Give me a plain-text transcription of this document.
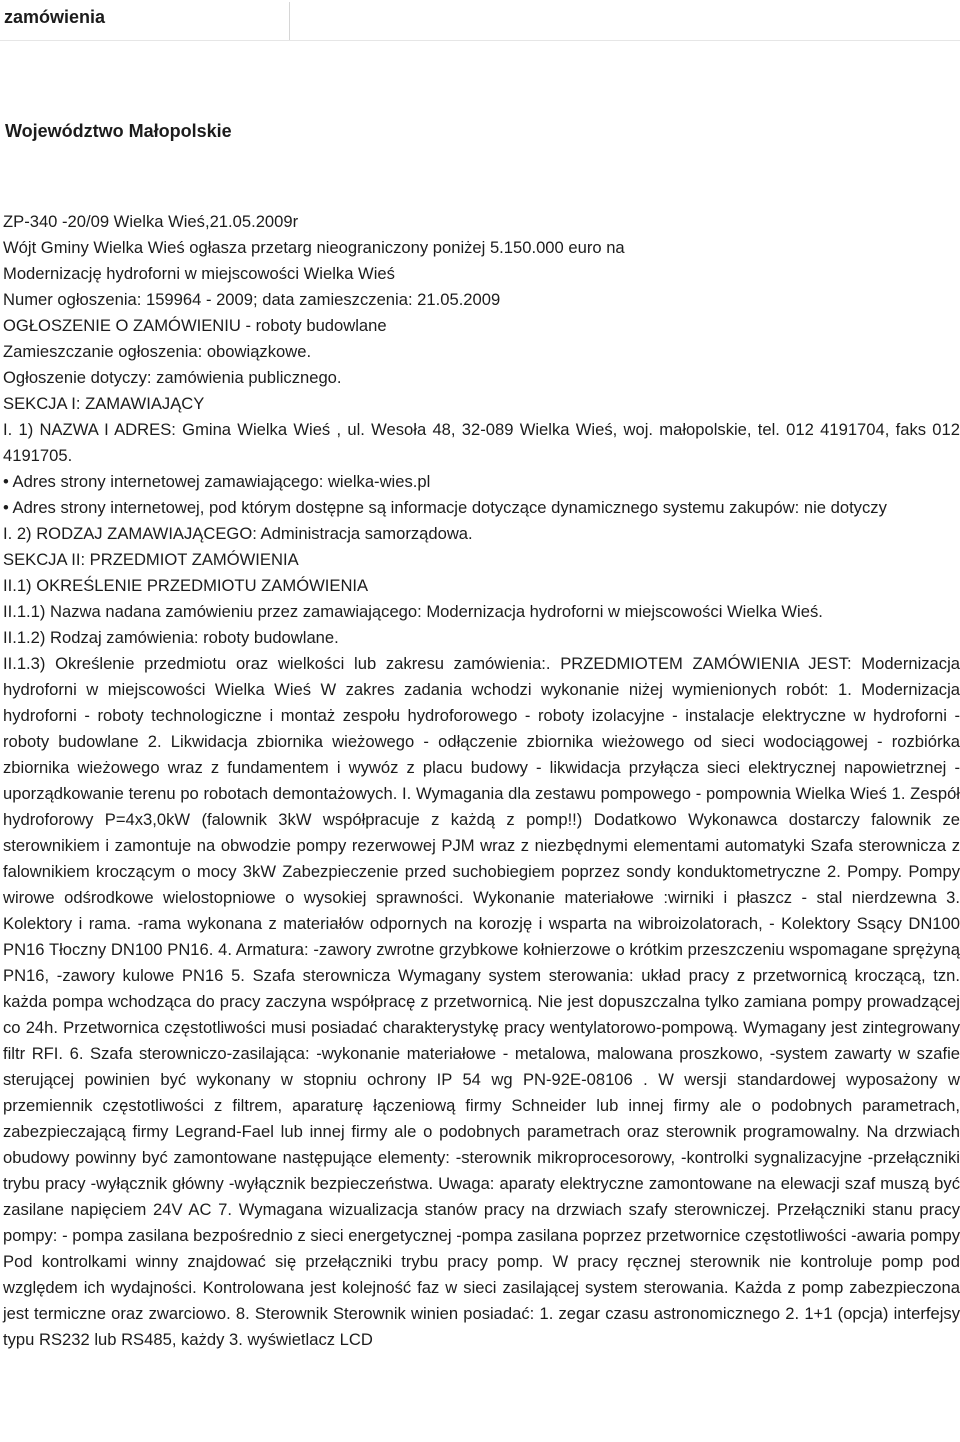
zamówienia
Województwo Małopolskie
ZP-340 -20/09 Wielka Wieś,21.05.2009r
Wójt Gminy Wielka Wieś ogłasza przetarg nieograniczony poniżej 5.150.000 euro na
Modernizację hydroforni w miejscowości Wielka Wieś
Numer ogłoszenia: 159964 - 2009; data zamieszczenia: 21.05.2009
OGŁOSZENIE O ZAMÓWIENIU - roboty budowlane
Zamieszczanie ogłoszenia: obowiązkowe.
Ogłoszenie dotyczy: zamówienia publicznego.
SEKCJA I: ZAMAWIAJĄCY
I. 1) NAZWA I ADRES: Gmina Wielka Wieś , ul. Wesoła 48, 32-089 Wielka Wieś, woj. małopolskie, tel. 012 4191704, faks 012 4191705.
• Adres strony internetowej zamawiającego: wielka-wies.pl
• Adres strony internetowej, pod którym dostępne są informacje dotyczące dynamicznego systemu zakupów: nie dotyczy
I. 2) RODZAJ ZAMAWIAJĄCEGO: Administracja samorządowa.
SEKCJA II: PRZEDMIOT ZAMÓWIENIA
II.1) OKREŚLENIE PRZEDMIOTU ZAMÓWIENIA
II.1.1) Nazwa nadana zamówieniu przez zamawiającego: Modernizacja hydroforni w miejscowości Wielka Wieś.
II.1.2) Rodzaj zamówienia: roboty budowlane.
II.1.3) Określenie przedmiotu oraz wielkości lub zakresu zamówienia:. PRZEDMIOTEM ZAMÓWIENIA JEST: Modernizacja hydroforni w miejscowości Wielka Wieś W zakres zadania wchodzi wykonanie niżej wymienionych robót: 1. Modernizacja hydroforni - roboty technologiczne i montaż zespołu hydroforowego - roboty izolacyjne - instalacje elektryczne w hydroforni - roboty budowlane 2. Likwidacja zbiornika wieżowego - odłączenie zbiornika wieżowego od sieci wodociągowej - rozbiórka zbiornika wieżowego wraz z fundamentem i wywóz z placu budowy - likwidacja przyłącza sieci elektrycznej napowietrznej - uporządkowanie terenu po robotach demontażowych. I. Wymagania dla zestawu pompowego - pompownia Wielka Wieś 1. Zespół hydroforowy P=4x3,0kW (falownik 3kW współpracuje z każdą z pomp!!) Dodatkowo Wykonawca dostarczy falownik ze sterownikiem i zamontuje na obwodzie pompy rezerwowej PJM wraz z niezbędnymi elementami automatyki Szafa sterownicza z falownikiem kroczącym o mocy 3kW Zabezpieczenie przed suchobiegiem poprzez sondy konduktometryczne 2. Pompy. Pompy wirowe odśrodkowe wielostopniowe o wysokiej sprawności. Wykonanie materiałowe :wirniki i płaszcz - stal nierdzewna 3. Kolektory i rama. -rama wykonana z materiałów odpornych na korozję i wsparta na wibroizolatorach, - Kolektory Ssący DN100 PN16 Tłoczny DN100 PN16. 4. Armatura: -zawory zwrotne grzybkowe kołnierzowe o krótkim przeszczeniu wspomagane sprężyną PN16, -zawory kulowe PN16 5. Szafa sterownicza Wymagany system sterowania: układ pracy z przetwornicą kroczącą, tzn. każda pompa wchodząca do pracy zaczyna współpracę z przetwornicą. Nie jest dopuszczalna tylko zamiana pompy prowadzącej co 24h. Przetwornica częstotliwości musi posiadać charakterystykę pracy wentylatorowo-pompową. Wymagany jest zintegrowany filtr RFI. 6. Szafa sterowniczo-zasilająca: -wykonanie materiałowe - metalowa, malowana proszkowo, -system zawarty w szafie sterującej powinien być wykonany w stopniu ochrony IP 54 wg PN-92E-08106 . W wersji standardowej wyposażony w przemiennik częstotliwości z filtrem, aparaturę łączeniową firmy Schneider lub innej firmy ale o podobnych parametrach, zabezpieczającą firmy Legrand-Fael lub innej firmy ale o podobnych parametrach oraz sterownik programowalny. Na drzwiach obudowy powinny być zamontowane następujące elementy: -sterownik mikroprocesorowy, -kontrolki sygnalizacyjne -przełączniki trybu pracy -wyłącznik główny -wyłącznik bezpieczeństwa. Uwaga: aparaty elektryczne zamontowane na elewacji szaf muszą być zasilane napięciem 24V AC 7. Wymagana wizualizacja stanów pracy na drzwiach szafy sterowniczej. Przełączniki stanu pracy pompy: - pompa zasilana bezpośrednio z sieci energetycznej -pompa zasilana poprzez przetwornice częstotliwości -awaria pompy Pod kontrolkami winny znajdować się przełączniki trybu pracy pomp. W pracy ręcznej sterownik nie kontroluje pomp pod względem ich wydajności. Kontrolowana jest kolejność faz w sieci zasilającej system sterowania. Każda z pomp zabezpieczona jest termiczne oraz zwarciowo. 8. Sterownik Sterownik winien posiadać: 1. zegar czasu astronomicznego 2. 1+1 (opcja) interfejsy typu RS232 lub RS485, każdy 3. wyświetlacz LCD
